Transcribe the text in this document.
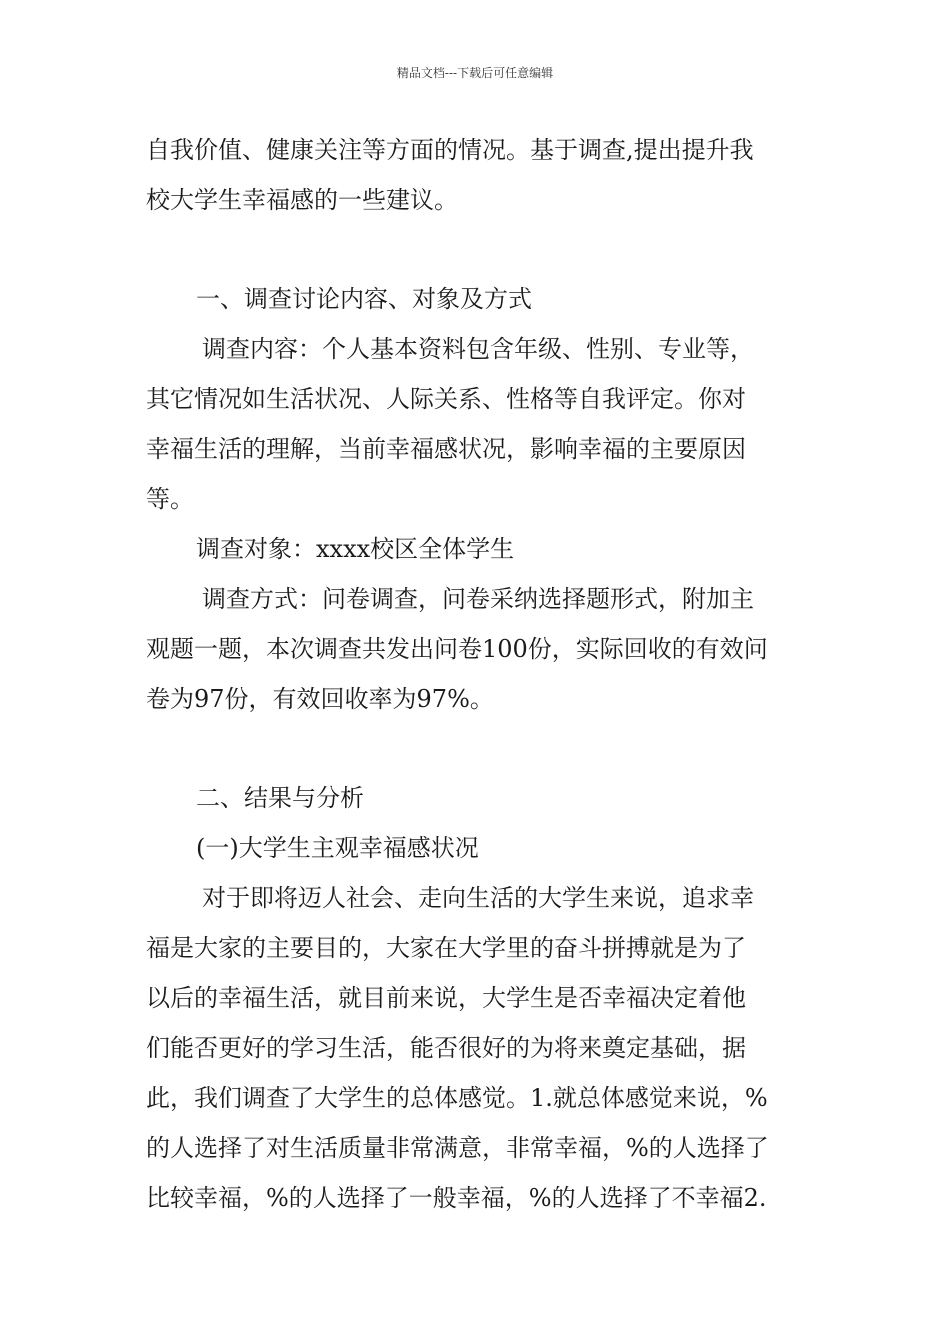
精品文档---下载后可任意编辑
自我价值、健康关注等方面的情况。基于调查,提出提升我
校大学生幸福感的一些建议。
一、调查讨论内容、对象及方式
调查内容：个人基本资料包含年级、性别、专业等，
其它情况如生活状况、人际关系、性格等自我评定。你对
幸福生活的理解，当前幸福感状况，影响幸福的主要原因
等。
调查对象：xxxx校区全体学生
调查方式：问卷调查，问卷采纳选择题形式，附加主
观题一题，本次调查共发出问卷100份，实际回收的有效问
卷为97份，有效回收率为97%。
二、结果与分析
(一)大学生主观幸福感状况
对于即将迈人社会、走向生活的大学生来说，追求幸
福是大家的主要目的，大家在大学里的奋斗拼搏就是为了
以后的幸福生活，就目前来说，大学生是否幸福决定着他
们能否更好的学习生活，能否很好的为将来奠定基础，据
此，我们调查了大学生的总体感觉。1.就总体感觉来说，%
的人选择了对生活质量非常满意，非常幸福，%的人选择了
比较幸福，%的人选择了一般幸福，%的人选择了不幸福2.
